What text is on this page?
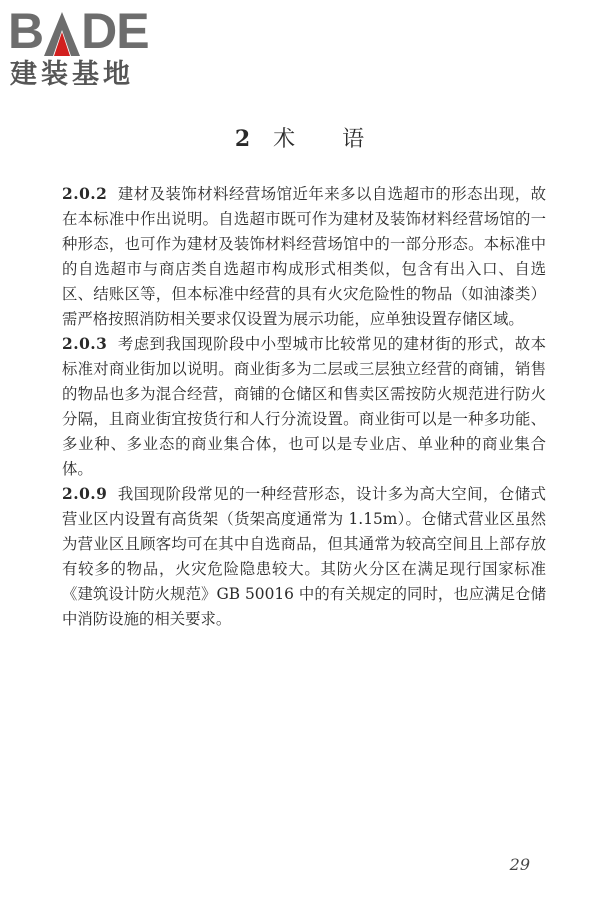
B DE
建装基地
2 术 语

2.0.2 建材及装饰材料经营场馆近年来多以自选超市的形态出现，故在本标准中作出说明。自选超市既可作为建材及装饰材料经营场馆的一种形态，也可作为建材及装饰材料经营场馆中的一部分形态。本标准中的自选超市与商店类自选超市构成形式相类似，包含有出入口、自选区、结账区等，但本标准中经营的具有火灾危险性的物品（如油漆类）需严格按照消防相关要求仅设置为展示功能，应单独设置存储区域。

2.0.3 考虑到我国现阶段中小型城市比较常见的建材街的形式，故本标准对商业街加以说明。商业街多为二层或三层独立经营的商铺，销售的物品也多为混合经营，商铺的仓储区和售卖区需按防火规范进行防火分隔，且商业街宜按货行和人行分流设置。商业街可以是一种多功能、多业种、多业态的商业集合体，也可以是专业店、单业种的商业集合体。

2.0.9 我国现阶段常见的一种经营形态，设计多为高大空间，仓储式营业区内设置有高货架（货架高度通常为 1.15m）。仓储式营业区虽然为营业区且顾客均可在其中自选商品，但其通常为较高空间且上部存放有较多的物品，火灾危险隐患较大。其防火分区在满足现行国家标准《建筑设计防火规范》GB 50016 中的有关规定的同时，也应满足仓储中消防设施的相关要求。

29
